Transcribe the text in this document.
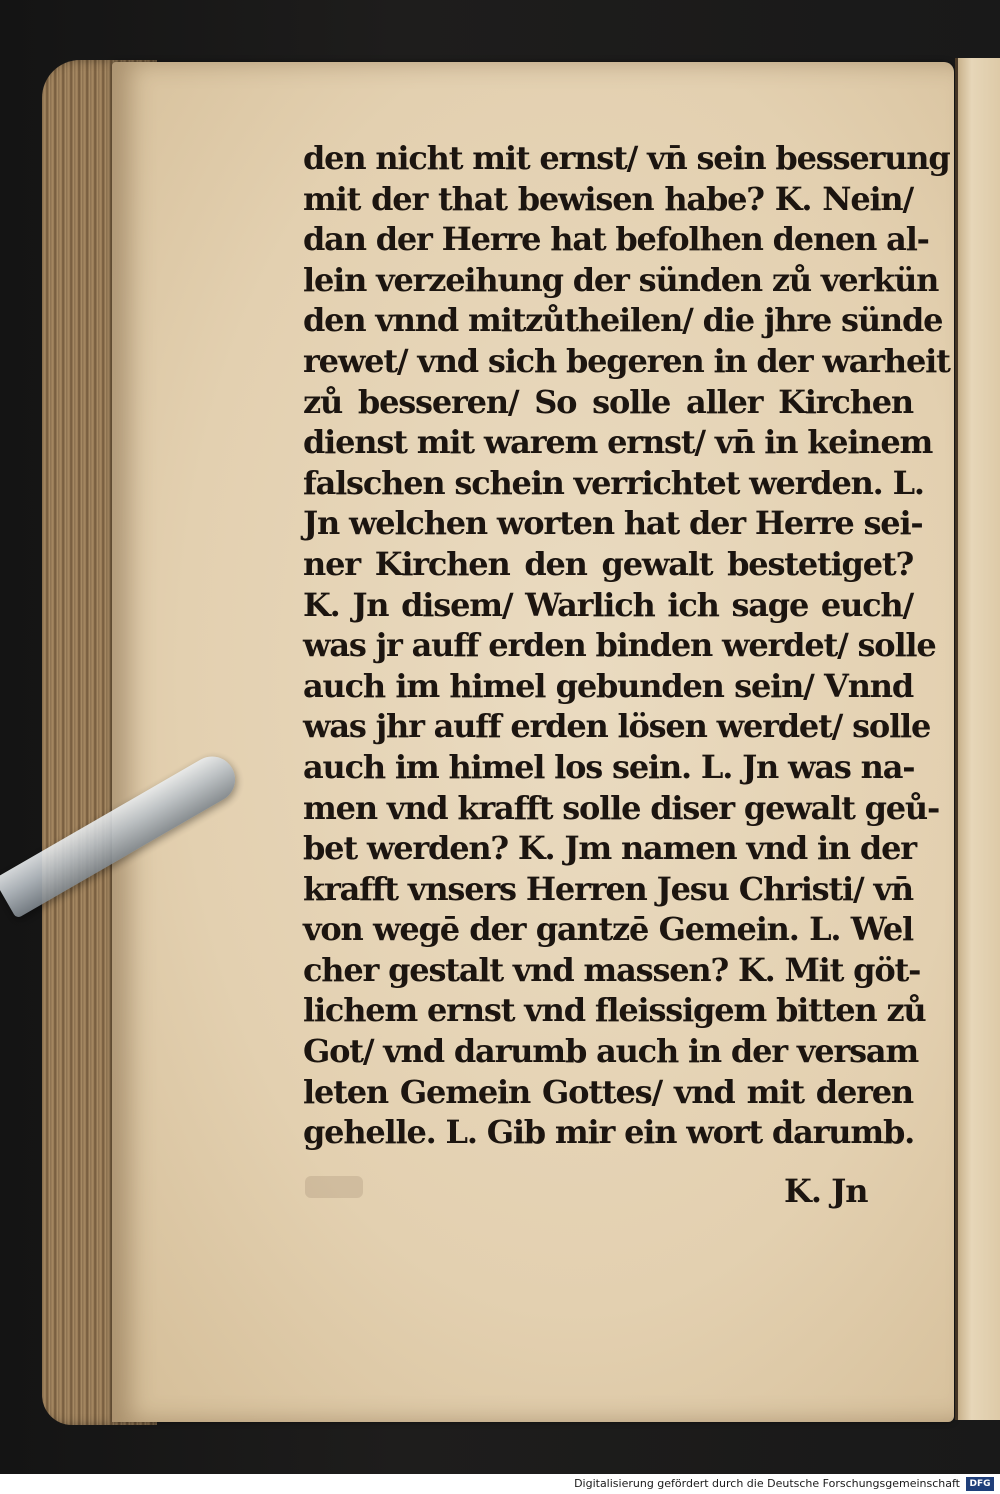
den nicht mit ernst/ vn̄ sein besserung
mit der that bewisen habe? K. Nein/
dan der Herre hat befolhen denen al-
lein verzeihung der sünden zů verkün
den vnnd mitzůtheilen/ die jhre sünde
rewet/ vnd sich begeren in der warheit
zů besseren/ So solle aller Kirchen
dienst mit warem ernst/ vn̄ in keinem
falschen schein verrichtet werden. L.
Jn welchen worten hat der Herre sei-
ner Kirchen den gewalt bestetiget?
K. Jn disem/ Warlich ich sage euch/
was jr auff erden binden werdet/ solle
auch im himel gebunden sein/ Vnnd
was jhr auff erden lösen werdet/ solle
auch im himel los sein. L. Jn was na-
men vnd krafft solle diser gewalt geů-
bet werden? K. Jm namen vnd in der
krafft vnsers Herren Jesu Christi/ vn̄
von wegē der gantzē Gemein. L. Wel
cher gestalt vnd massen? K. Mit göt-
lichem ernst vnd fleissigem bitten zů
Got/ vnd darumb auch in der versam
leten Gemein Gottes/ vnd mit deren
gehelle. L. Gib mir ein wort darumb.
K. Jn
Digitalisierung gefördert durch die Deutsche Forschungsgemeinschaft	DFG
